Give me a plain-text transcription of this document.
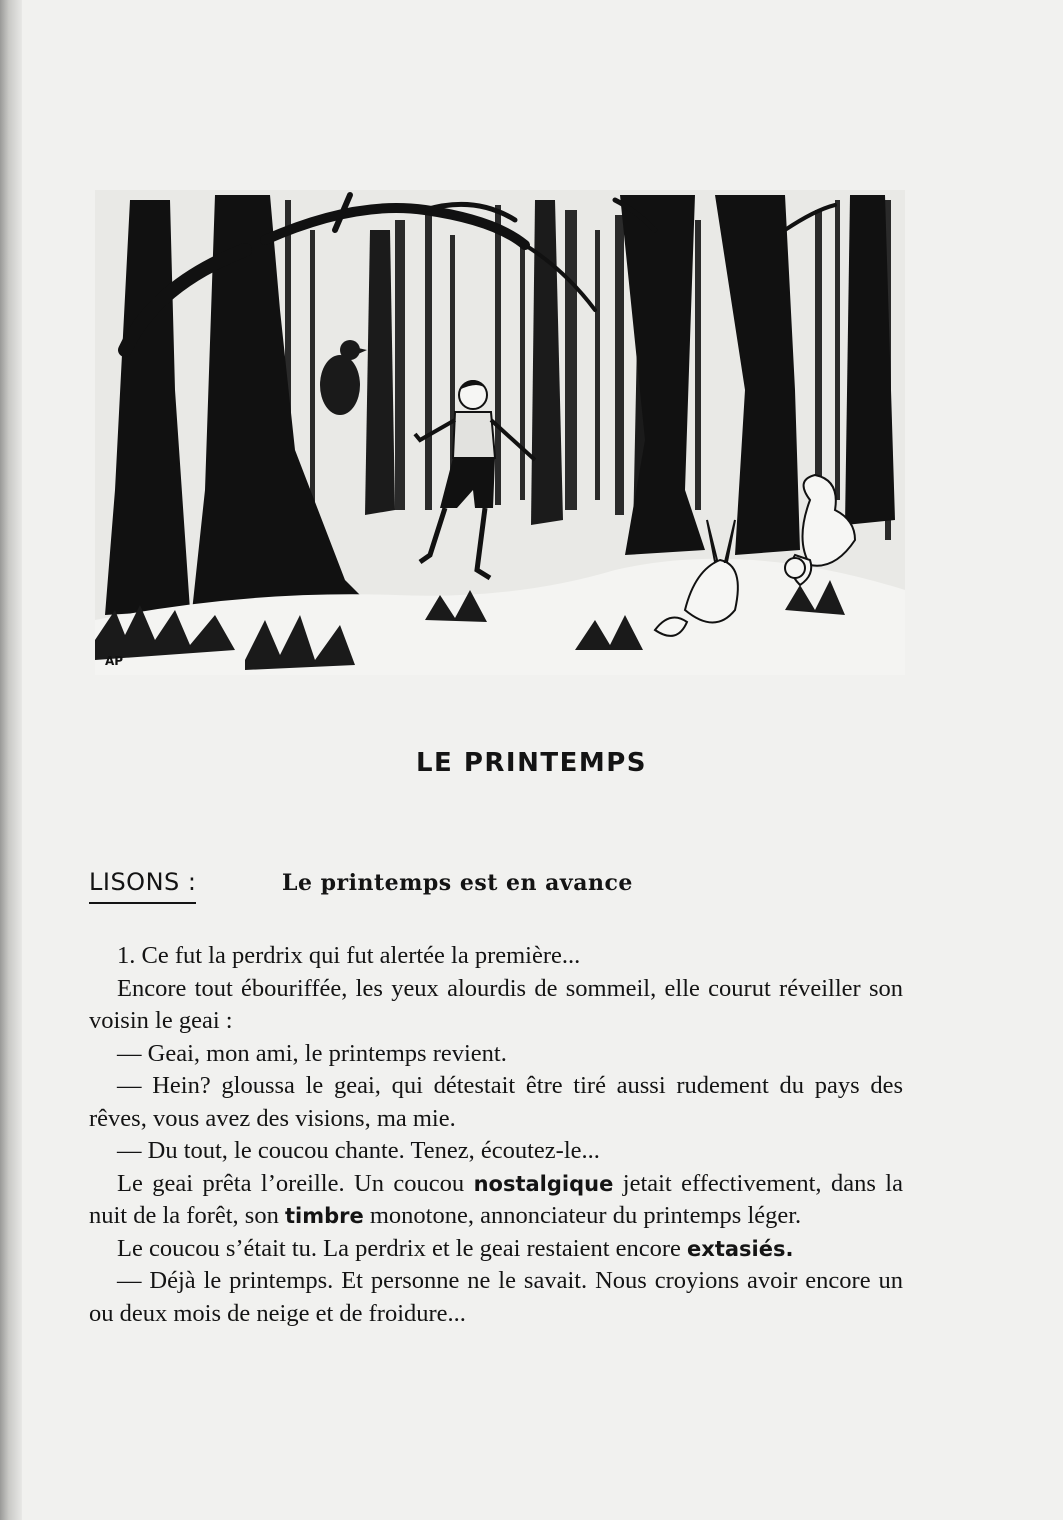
AP
LE PRINTEMPS
LISONS :	Le printemps est en avance

1. Ce fut la perdrix qui fut alertée la première...

Encore tout ébouriffée, les yeux alourdis de sommeil, elle courut réveiller son voisin le geai :

— Geai, mon ami, le printemps revient.

— Hein? gloussa le geai, qui détestait être tiré aussi rudement du pays des rêves, vous avez des visions, ma mie.

— Du tout, le coucou chante. Tenez, écoutez-le...

Le geai prêta l’oreille. Un coucou nostalgique jetait effectivement, dans la nuit de la forêt, son timbre monotone, annonciateur du printemps léger.

Le coucou s’était tu. La perdrix et le geai restaient encore extasiés.

— Déjà le printemps. Et personne ne le savait. Nous croyions avoir encore un ou deux mois de neige et de froidure...
